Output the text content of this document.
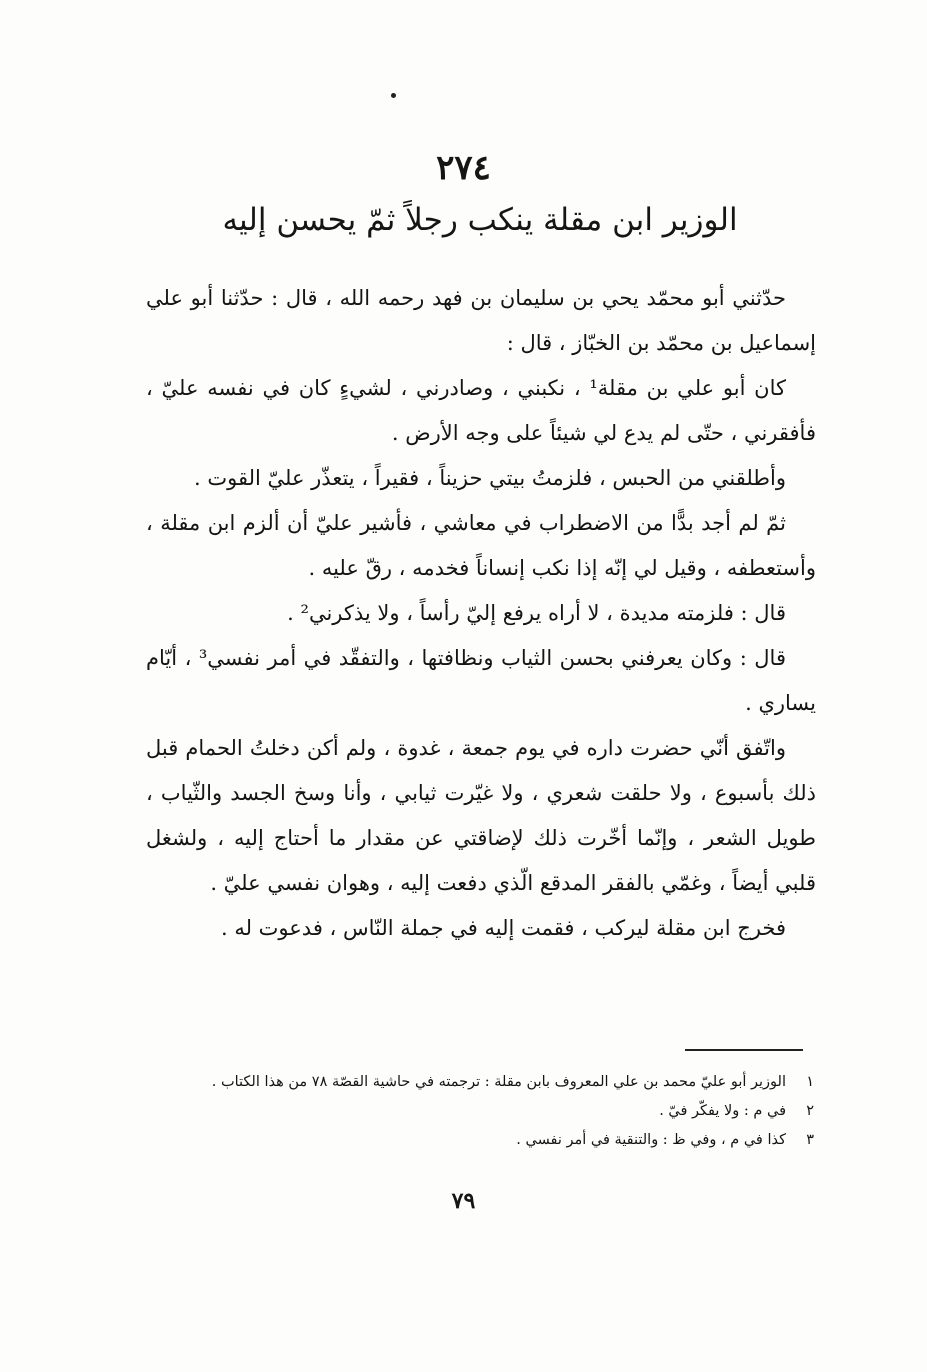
٢٧٤
الوزير ابن مقلة ينكب رجلاً ثمّ يحسن إليه

حدّثني أبو محمّد يحي بن سليمان بن فهد رحمه الله ، قال : حدّثنا أبو علي إسماعيل بن محمّد بن الخبّاز ، قال :

كان أبو علي بن مقلة¹ ، نكبني ، وصادرني ، لشيءٍ كان في نفسه عليّ ، فأفقرني ، حتّى لم يدع لي شيئاً على وجه الأرض .

وأطلقني من الحبس ، فلزمتُ بيتي حزيناً ، فقيراً ، يتعذّر عليّ القوت .

ثمّ لم أجد بدًّا من الاضطراب في معاشي ، فأشير عليّ أن ألزم ابن مقلة ، وأستعطفه ، وقيل لي إنّه إذا نكب إنساناً فخدمه ، رقّ عليه .

قال : فلزمته مديدة ، لا أراه يرفع إليّ رأساً ، ولا يذكرني² .

قال : وكان يعرفني بحسن الثياب ونظافتها ، والتفقّد في أمر نفسي³ ، أيّام يساري .

واتّفق أنّي حضرت داره في يوم جمعة ، غدوة ، ولم أكن دخلتُ الحمام قبل ذلك بأسبوع ، ولا حلقت شعري ، ولا غيّرت ثيابي ، وأنا وسخ الجسد والثّياب ، طويل الشعر ، وإنّما أخّرت ذلك لإضاقتي عن مقدار ما أحتاج إليه ، ولشغل قلبي أيضاً ، وغمّي بالفقر المدقع الّذي دفعت إليه ، وهوان نفسي عليّ .

فخرج ابن مقلة ليركب ، فقمت إليه في جملة النّاس ، فدعوت له .

١
الوزير أبو عليّ محمد بن علي المعروف بابن مقلة : ترجمته في حاشية القصّة ٧٨ من هذا الكتاب .
٢
في م : ولا يفكّر فيّ .
٣
كذا في م ، وفي ظ : والتنقية في أمر نفسي .
٧٩
